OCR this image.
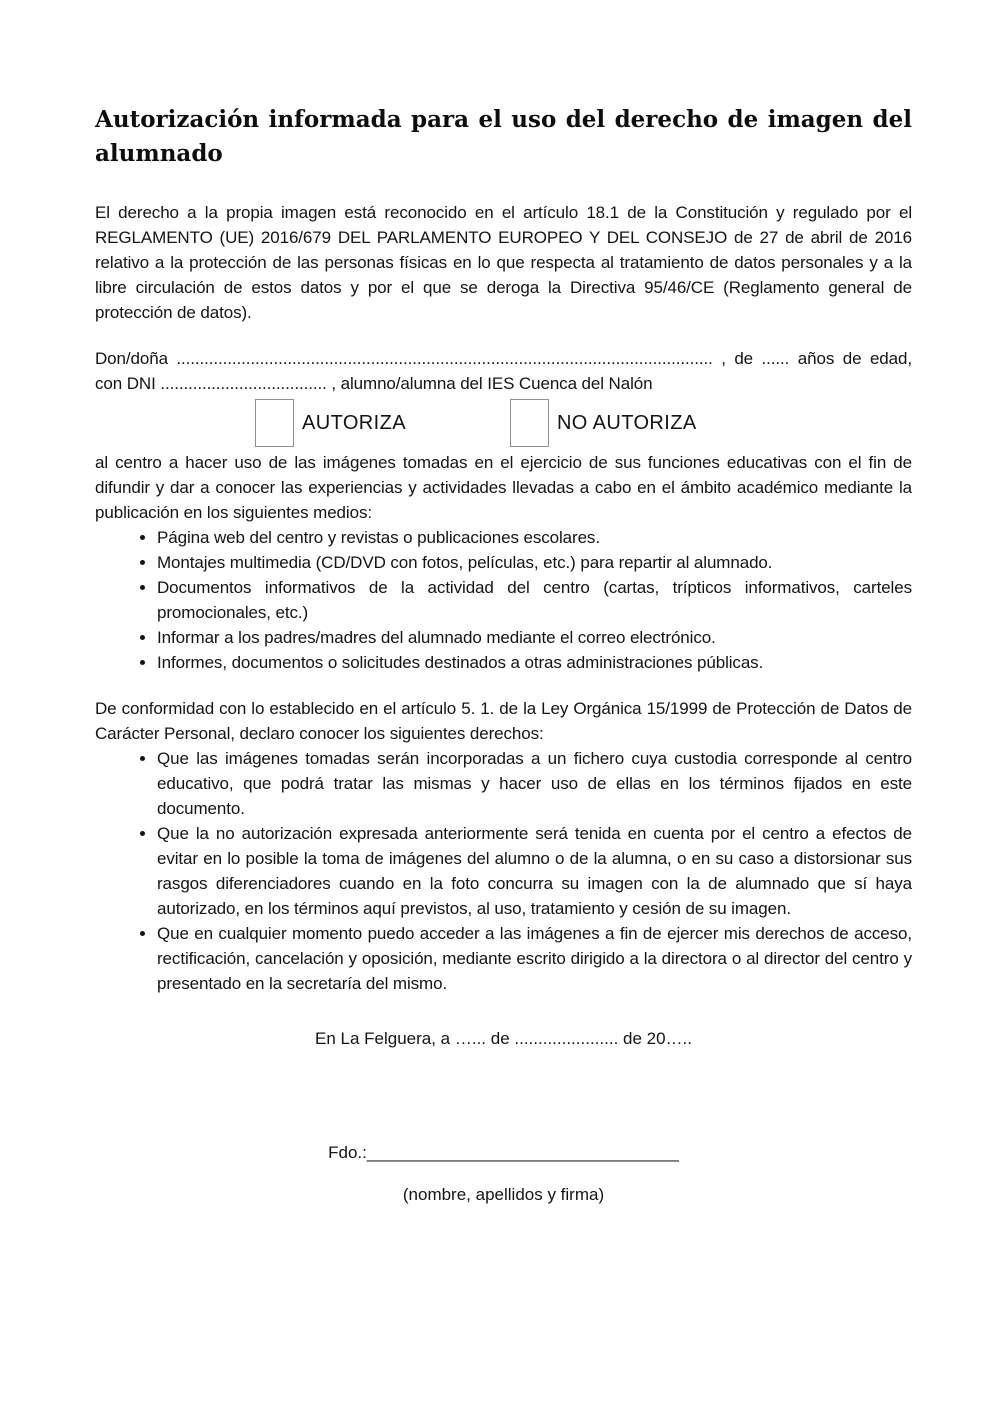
Autorización informada para el uso del derecho de imagen del alumnado

El derecho a la propia imagen está reconocido en el artículo 18.1 de la Constitución y regulado por el REGLAMENTO (UE) 2016/679 DEL PARLAMENTO EUROPEO Y DEL CONSEJO de 27 de abril de 2016 relativo a la protección de las personas físicas en lo que respecta al tratamiento de datos personales y a la libre circulación de estos datos y por el que se deroga la Directiva 95/46/CE (Reglamento general de protección de datos).

Don/doña .................................................................................................................... , de ...... años de edad, con DNI .................................... , alumno/alumna del IES Cuenca del Nalón

AUTORIZA	NO AUTORIZA

al centro a hacer uso de las imágenes tomadas en el ejercicio de sus funciones educativas con el fin de difundir y dar a conocer las experiencias y actividades llevadas a cabo en el ámbito académico mediante la publicación en los siguientes medios:

• Página web del centro y revistas o publicaciones escolares.
• Montajes multimedia (CD/DVD con fotos, películas, etc.) para repartir al alumnado.
• Documentos informativos de la actividad del centro (cartas, trípticos informativos, carteles promocionales, etc.)
• Informar a los padres/madres del alumnado mediante el correo electrónico.
• Informes, documentos o solicitudes destinados a otras administraciones públicas.

De conformidad con lo establecido en el artículo 5. 1. de la Ley Orgánica 15/1999 de Protección de Datos de Carácter Personal, declaro conocer los siguientes derechos:

• Que las imágenes tomadas serán incorporadas a un fichero cuya custodia corresponde al centro educativo, que podrá tratar las mismas y hacer uso de ellas en los términos fijados en este documento.
• Que la no autorización expresada anteriormente será tenida en cuenta por el centro a efectos de evitar en lo posible la toma de imágenes del alumno o de la alumna, o en su caso a distorsionar sus rasgos diferenciadores cuando en la foto concurra su imagen con la de alumnado que sí haya autorizado, en los términos aquí previstos, al uso, tratamiento y cesión de su imagen.
• Que en cualquier momento puedo acceder a las imágenes a fin de ejercer mis derechos de acceso, rectificación, cancelación y oposición, mediante escrito dirigido a la directora o al director del centro y presentado en la secretaría del mismo.

En La Felguera, a …... de ...................... de 20…..

Fdo.:_________________________________

(nombre, apellidos y firma)
